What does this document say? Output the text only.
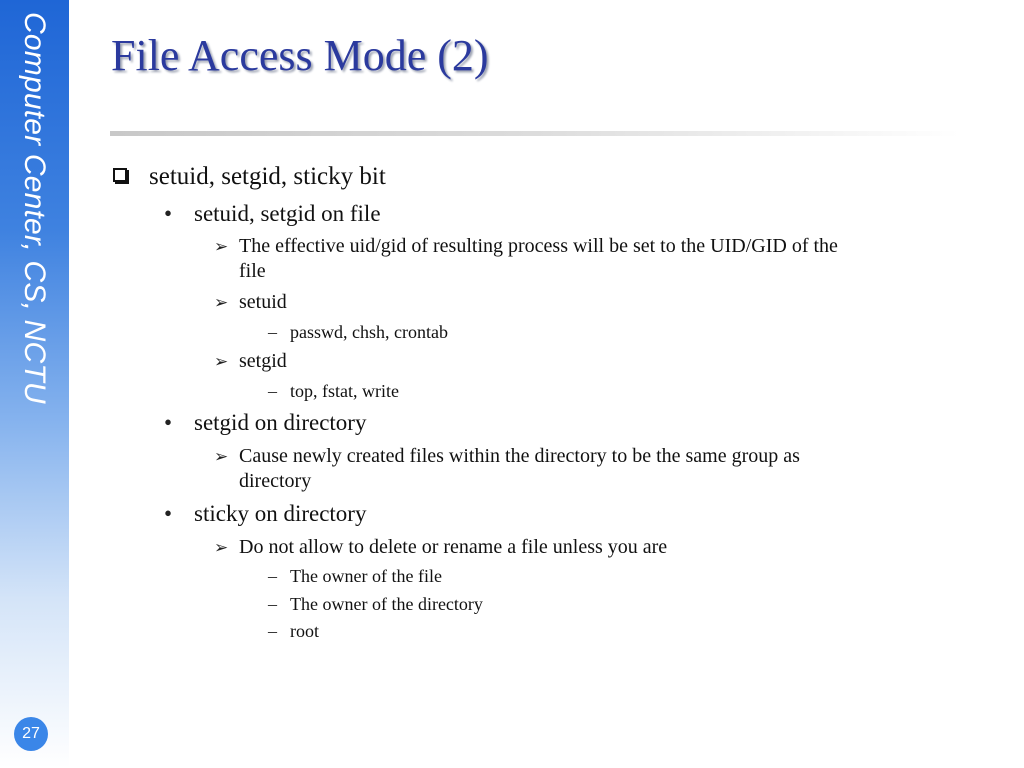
Computer Center, CS, NCTU
27
File Access Mode (2)
setuid, setgid, sticky bit
• setuid, setgid on file
➢ The effective uid/gid of resulting process will be set to the UID/GID of the
file
➢ setuid
– passwd, chsh, crontab
➢ setgid
– top, fstat, write
• setgid on directory
➢ Cause newly created files within the directory to be the same group as
directory
• sticky on directory
➢ Do not allow to delete or rename a file unless you are
– The owner of the file
– The owner of the directory
– root
